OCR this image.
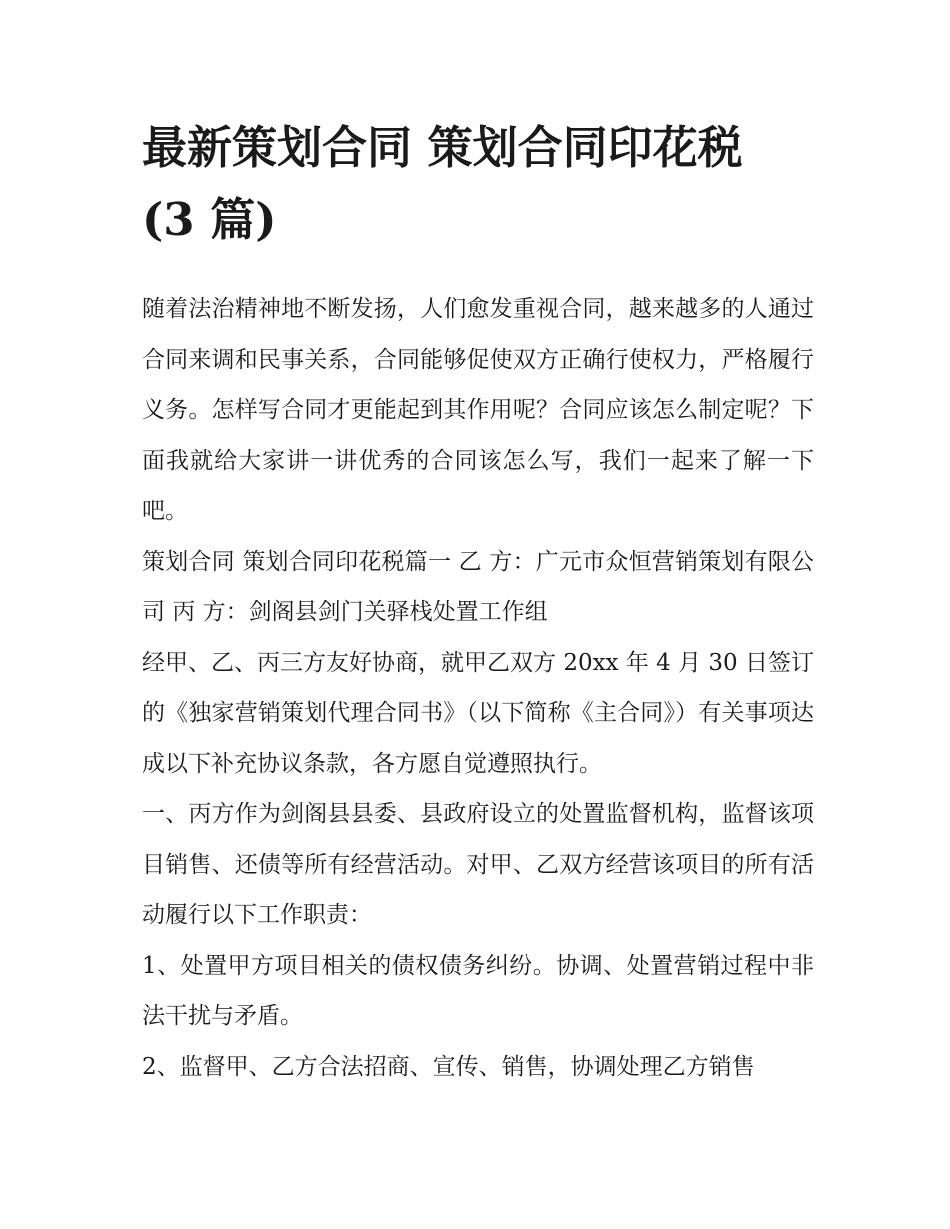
最新策划合同 策划合同印花税
(3 篇)

随着法治精神地不断发扬，人们愈发重视合同，越来越多的人通过合同来调和民事关系，合同能够促使双方正确行使权力，严格履行义务。怎样写合同才更能起到其作用呢？合同应该怎么制定呢？下面我就给大家讲一讲优秀的合同该怎么写，我们一起来了解一下吧。

策划合同 策划合同印花税篇一 乙 方：广元市众恒营销策划有限公司 丙 方：剑阁县剑门关驿栈处置工作组

经甲、乙、丙三方友好协商，就甲乙双方 20xx 年 4 月 30 日签订的《独家营销策划代理合同书》（以下简称《主合同》）有关事项达成以下补充协议条款，各方愿自觉遵照执行。

一、丙方作为剑阁县县委、县政府设立的处置监督机构，监督该项目销售、还债等所有经营活动。对甲、乙双方经营该项目的所有活动履行以下工作职责：

1、处置甲方项目相关的债权债务纠纷。协调、处置营销过程中非法干扰与矛盾。

2、监督甲、乙方合法招商、宣传、销售，协调处理乙方销售
